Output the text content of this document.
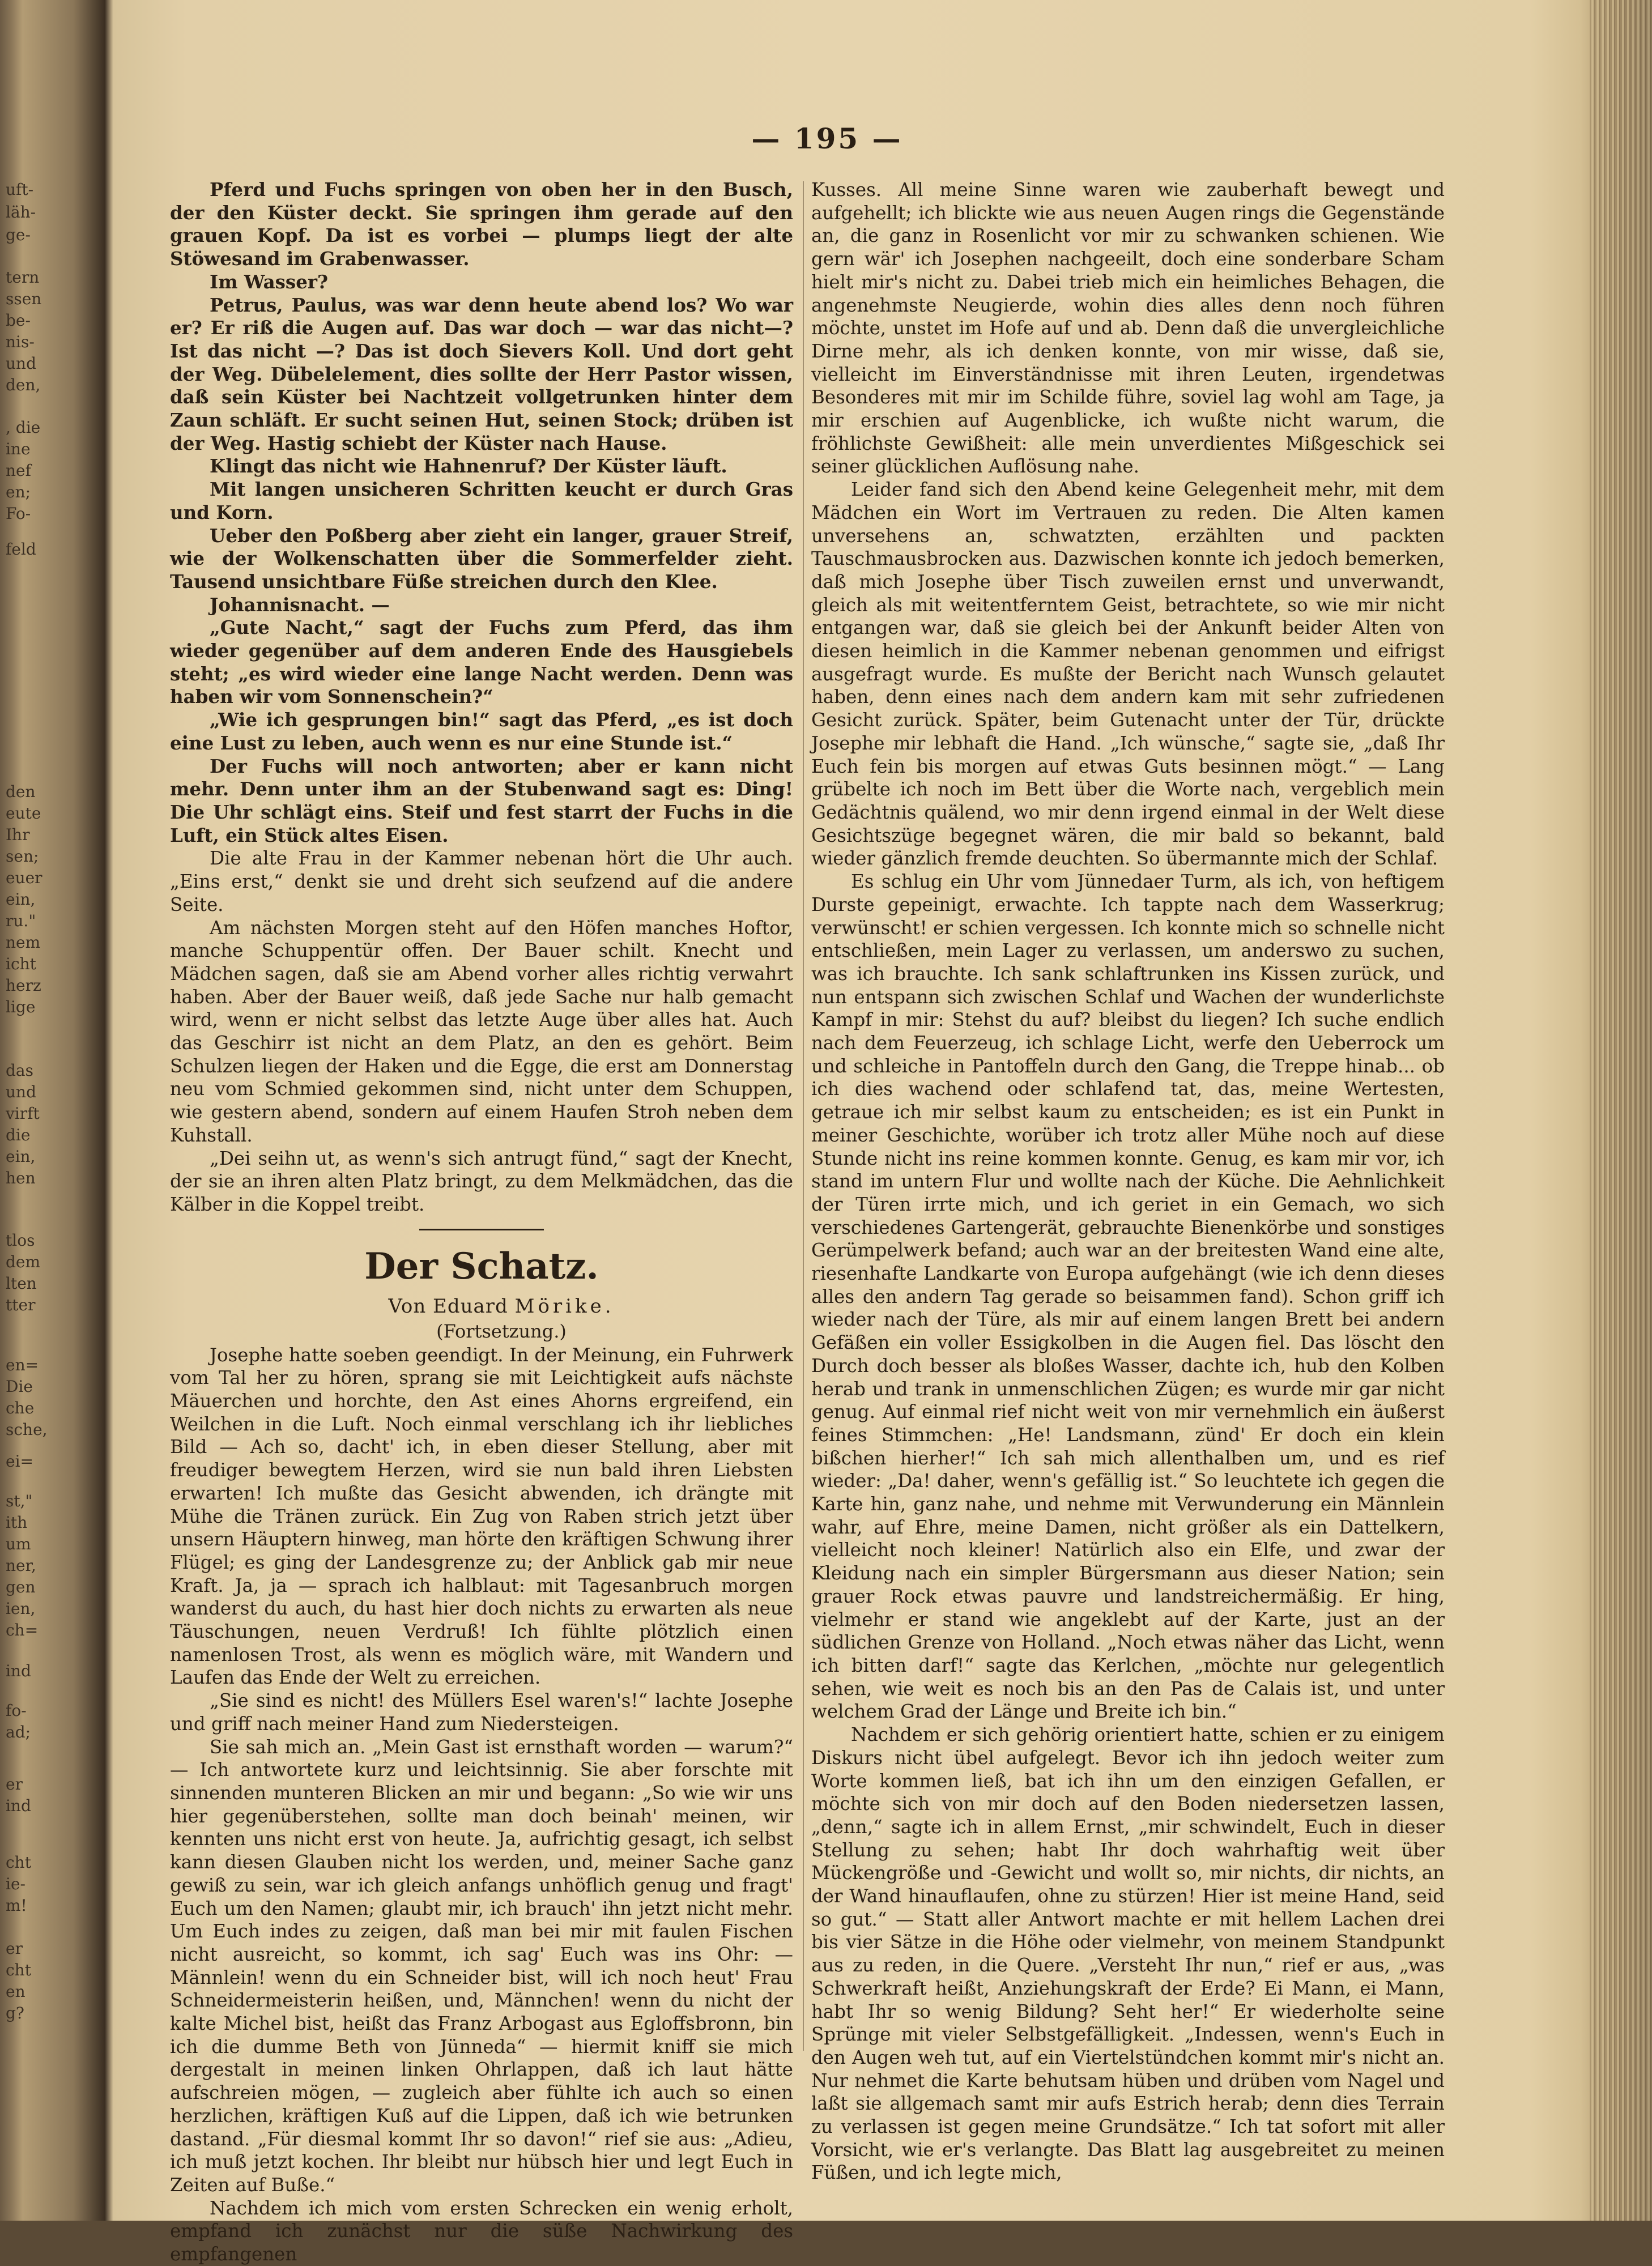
uft-
läh-
ge-
tern
ssen
be-
nis-
und
den,
, die
ine
nef
en;
Fo-
feld
den
eute
Ihr
sen;
euer
ein,
ru."
nem
icht
herz
lige
das
und
virft
die
ein,
hen
tlos
dem
lten
tter
en=
Die
che
sche,
ei=
st,"
ith
um
ner,
gen
ien,
ch=
ind
fo-
ad;
er
ind
cht
ie-
m!
er
cht
en
g?
— 195 —

Pferd und Fuchs springen von oben her in den Busch, der den Küster deckt. Sie springen ihm gerade auf den grauen Kopf. Da ist es vorbei — plumps liegt der alte Stöwesand im Grabenwasser.

Im Wasser?

Petrus, Paulus, was war denn heute abend los? Wo war er? Er riß die Augen auf. Das war doch — war das nicht—? Ist das nicht —? Das ist doch Sievers Koll. Und dort geht der Weg. Dübelelement, dies sollte der Herr Pastor wissen, daß sein Küster bei Nachtzeit vollgetrunken hinter dem Zaun schläft. Er sucht seinen Hut, seinen Stock; drüben ist der Weg. Hastig schiebt der Küster nach Hause.

Klingt das nicht wie Hahnenruf? Der Küster läuft.

Mit langen unsicheren Schritten keucht er durch Gras und Korn.

Ueber den Poßberg aber zieht ein langer, grauer Streif, wie der Wolkenschatten über die Sommerfelder zieht. Tausend unsichtbare Füße streichen durch den Klee.

Johannisnacht. —

„Gute Nacht,“ sagt der Fuchs zum Pferd, das ihm wieder gegenüber auf dem anderen Ende des Hausgiebels steht; „es wird wieder eine lange Nacht werden. Denn was haben wir vom Sonnenschein?“

„Wie ich gesprungen bin!“ sagt das Pferd, „es ist doch eine Lust zu leben, auch wenn es nur eine Stunde ist.“

Der Fuchs will noch antworten; aber er kann nicht mehr. Denn unter ihm an der Stubenwand sagt es: Ding! Die Uhr schlägt eins. Steif und fest starrt der Fuchs in die Luft, ein Stück altes Eisen.

Die alte Frau in der Kammer nebenan hört die Uhr auch. „Eins erst,“ denkt sie und dreht sich seufzend auf die andere Seite.

Am nächsten Morgen steht auf den Höfen manches Hoftor, manche Schuppentür offen. Der Bauer schilt. Knecht und Mädchen sagen, daß sie am Abend vorher alles richtig verwahrt haben. Aber der Bauer weiß, daß jede Sache nur halb gemacht wird, wenn er nicht selbst das letzte Auge über alles hat. Auch das Geschirr ist nicht an dem Platz, an den es gehört. Beim Schulzen liegen der Haken und die Egge, die erst am Donnerstag neu vom Schmied gekommen sind, nicht unter dem Schuppen, wie gestern abend, sondern auf einem Haufen Stroh neben dem Kuhstall.

„Dei seihn ut, as wenn's sich antrugt fünd,“ sagt der Knecht, der sie an ihren alten Platz bringt, zu dem Melkmädchen, das die Kälber in die Koppel treibt.

Der Schatz.

Von Eduard Mörike.

(Fortsetzung.)

Josephe hatte soeben geendigt. In der Meinung, ein Fuhrwerk vom Tal her zu hören, sprang sie mit Leichtigkeit aufs nächste Mäuerchen und horchte, den Ast eines Ahorns ergreifend, ein Weilchen in die Luft. Noch einmal verschlang ich ihr liebliches Bild — Ach so, dacht' ich, in eben dieser Stellung, aber mit freudiger bewegtem Herzen, wird sie nun bald ihren Liebsten erwarten! Ich mußte das Gesicht abwenden, ich drängte mit Mühe die Tränen zurück. Ein Zug von Raben strich jetzt über unsern Häuptern hinweg, man hörte den kräftigen Schwung ihrer Flügel; es ging der Landesgrenze zu; der Anblick gab mir neue Kraft. Ja, ja — sprach ich halblaut: mit Tagesanbruch morgen wanderst du auch, du hast hier doch nichts zu erwarten als neue Täuschungen, neuen Verdruß! Ich fühlte plötzlich einen namenlosen Trost, als wenn es möglich wäre, mit Wandern und Laufen das Ende der Welt zu erreichen.

„Sie sind es nicht! des Müllers Esel waren's!“ lachte Josephe und griff nach meiner Hand zum Niedersteigen.

Sie sah mich an. „Mein Gast ist ernsthaft worden — warum?“ — Ich antwortete kurz und leichtsinnig. Sie aber forschte mit sinnenden munteren Blicken an mir und begann: „So wie wir uns hier gegenüberstehen, sollte man doch beinah' meinen, wir kennten uns nicht erst von heute. Ja, aufrichtig gesagt, ich selbst kann diesen Glauben nicht los werden, und, meiner Sache ganz gewiß zu sein, war ich gleich anfangs unhöflich genug und fragt' Euch um den Namen; glaubt mir, ich brauch' ihn jetzt nicht mehr. Um Euch indes zu zeigen, daß man bei mir mit faulen Fischen nicht ausreicht, so kommt, ich sag' Euch was ins Ohr: — Männlein! wenn du ein Schneider bist, will ich noch heut' Frau Schneidermeisterin heißen, und, Männchen! wenn du nicht der kalte Michel bist, heißt das Franz Arbogast aus Egloffsbronn, bin ich die dumme Beth von Jünneda“ — hiermit kniff sie mich dergestalt in meinen linken Ohrlappen, daß ich laut hätte aufschreien mögen, — zugleich aber fühlte ich auch so einen herzlichen, kräftigen Kuß auf die Lippen, daß ich wie betrunken dastand. „Für diesmal kommt Ihr so davon!“ rief sie aus: „Adieu, ich muß jetzt kochen. Ihr bleibt nur hübsch hier und legt Euch in Zeiten auf Buße.“

Nachdem ich mich vom ersten Schrecken ein wenig erholt, empfand ich zunächst nur die süße Nachwirkung des empfangenen

Kusses. All meine Sinne waren wie zauberhaft bewegt und aufgehellt; ich blickte wie aus neuen Augen rings die Gegenstände an, die ganz in Rosenlicht vor mir zu schwanken schienen. Wie gern wär' ich Josephen nachgeeilt, doch eine sonderbare Scham hielt mir's nicht zu. Dabei trieb mich ein heimliches Behagen, die angenehmste Neugierde, wohin dies alles denn noch führen möchte, unstet im Hofe auf und ab. Denn daß die unvergleichliche Dirne mehr, als ich denken konnte, von mir wisse, daß sie, vielleicht im Einverständnisse mit ihren Leuten, irgendetwas Besonderes mit mir im Schilde führe, soviel lag wohl am Tage, ja mir erschien auf Augenblicke, ich wußte nicht warum, die fröhlichste Gewißheit: alle mein unverdientes Mißgeschick sei seiner glücklichen Auflösung nahe.

Leider fand sich den Abend keine Gelegenheit mehr, mit dem Mädchen ein Wort im Vertrauen zu reden. Die Alten kamen unversehens an, schwatzten, erzählten und packten Tauschmausbrocken aus. Dazwischen konnte ich jedoch bemerken, daß mich Josephe über Tisch zuweilen ernst und unverwandt, gleich als mit weitentferntem Geist, betrachtete, so wie mir nicht entgangen war, daß sie gleich bei der Ankunft beider Alten von diesen heimlich in die Kammer nebenan genommen und eifrigst ausgefragt wurde. Es mußte der Bericht nach Wunsch gelautet haben, denn eines nach dem andern kam mit sehr zufriedenen Gesicht zurück. Später, beim Gutenacht unter der Tür, drückte Josephe mir lebhaft die Hand. „Ich wünsche,“ sagte sie, „daß Ihr Euch fein bis morgen auf etwas Guts besinnen mögt.“ — Lang grübelte ich noch im Bett über die Worte nach, vergeblich mein Gedächtnis quälend, wo mir denn irgend einmal in der Welt diese Gesichtszüge begegnet wären, die mir bald so bekannt, bald wieder gänzlich fremde deuchten. So übermannte mich der Schlaf.

Es schlug ein Uhr vom Jünnedaer Turm, als ich, von heftigem Durste gepeinigt, erwachte. Ich tappte nach dem Wasserkrug; verwünscht! er schien vergessen. Ich konnte mich so schnelle nicht entschließen, mein Lager zu verlassen, um anderswo zu suchen, was ich brauchte. Ich sank schlaftrunken ins Kissen zurück, und nun entspann sich zwischen Schlaf und Wachen der wunderlichste Kampf in mir: Stehst du auf? bleibst du liegen? Ich suche endlich nach dem Feuerzeug, ich schlage Licht, werfe den Ueberrock um und schleiche in Pantoffeln durch den Gang, die Treppe hinab... ob ich dies wachend oder schlafend tat, das, meine Wertesten, getraue ich mir selbst kaum zu entscheiden; es ist ein Punkt in meiner Geschichte, worüber ich trotz aller Mühe noch auf diese Stunde nicht ins reine kommen konnte. Genug, es kam mir vor, ich stand im untern Flur und wollte nach der Küche. Die Aehnlichkeit der Türen irrte mich, und ich geriet in ein Gemach, wo sich verschiedenes Gartengerät, gebrauchte Bienenkörbe und sonstiges Gerümpelwerk befand; auch war an der breitesten Wand eine alte, riesenhafte Landkarte von Europa aufgehängt (wie ich denn dieses alles den andern Tag gerade so beisammen fand). Schon griff ich wieder nach der Türe, als mir auf einem langen Brett bei andern Gefäßen ein voller Essigkolben in die Augen fiel. Das löscht den Durch doch besser als bloßes Wasser, dachte ich, hub den Kolben herab und trank in unmenschlichen Zügen; es wurde mir gar nicht genug. Auf einmal rief nicht weit von mir vernehmlich ein äußerst feines Stimmchen: „He! Landsmann, zünd' Er doch ein klein bißchen hierher!“ Ich sah mich allenthalben um, und es rief wieder: „Da! daher, wenn's gefällig ist.“ So leuchtete ich gegen die Karte hin, ganz nahe, und nehme mit Verwunderung ein Männlein wahr, auf Ehre, meine Damen, nicht größer als ein Dattelkern, vielleicht noch kleiner! Natürlich also ein Elfe, und zwar der Kleidung nach ein simpler Bürgersmann aus dieser Nation; sein grauer Rock etwas pauvre und landstreichermäßig. Er hing, vielmehr er stand wie angeklebt auf der Karte, just an der südlichen Grenze von Holland. „Noch etwas näher das Licht, wenn ich bitten darf!“ sagte das Kerlchen, „möchte nur gelegentlich sehen, wie weit es noch bis an den Pas de Calais ist, und unter welchem Grad der Länge und Breite ich bin.“

Nachdem er sich gehörig orientiert hatte, schien er zu einigem Diskurs nicht übel aufgelegt. Bevor ich ihn jedoch weiter zum Worte kommen ließ, bat ich ihn um den einzigen Gefallen, er möchte sich von mir doch auf den Boden niedersetzen lassen, „denn,“ sagte ich in allem Ernst, „mir schwindelt, Euch in dieser Stellung zu sehen; habt Ihr doch wahrhaftig weit über Mückengröße und -Gewicht und wollt so, mir nichts, dir nichts, an der Wand hinauflaufen, ohne zu stürzen! Hier ist meine Hand, seid so gut.“ — Statt aller Antwort machte er mit hellem Lachen drei bis vier Sätze in die Höhe oder vielmehr, von meinem Standpunkt aus zu reden, in die Quere. „Versteht Ihr nun,“ rief er aus, „was Schwerkraft heißt, Anziehungskraft der Erde? Ei Mann, ei Mann, habt Ihr so wenig Bildung? Seht her!“ Er wiederholte seine Sprünge mit vieler Selbstgefälligkeit. „Indessen, wenn's Euch in den Augen weh tut, auf ein Viertelstündchen kommt mir's nicht an. Nur nehmet die Karte behutsam hüben und drüben vom Nagel und laßt sie allgemach samt mir aufs Estrich herab; denn dies Terrain zu verlassen ist gegen meine Grundsätze.“ Ich tat sofort mit aller Vorsicht, wie er's verlangte. Das Blatt lag ausgebreitet zu meinen Füßen, und ich legte mich,
